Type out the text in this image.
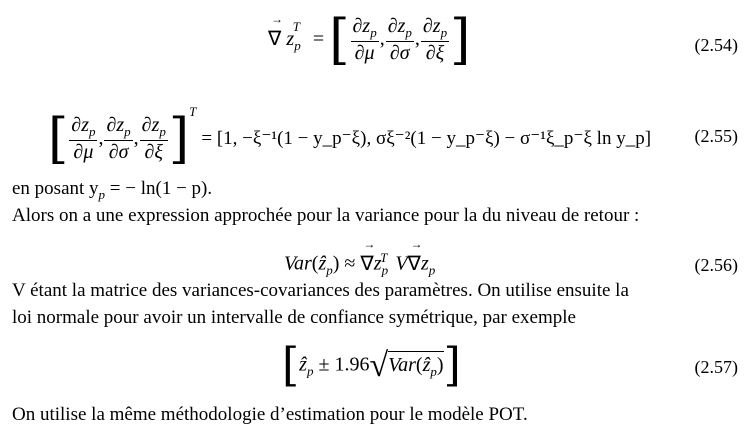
→ ∇ $z_p^T$ = [ $\frac{\partial z_p}{\partial\mu}$ , $\frac{\partial z_p}{\partial\sigma}$ , $\frac{\partial z_p}{\partial\xi}$ ]	(2.54)
[ $\frac{\partial z_p}{\partial\mu}$ , $\frac{\partial z_p}{\partial\sigma}$ , $\frac{\partial z_p}{\partial\xi} ]^T = [1$, −ξ⁻¹(1 − y_p⁻ξ), σξ⁻²(1 − y_p⁻ξ) − σ⁻¹ξ_p⁻ξ ln y_p] (2.55)
en posant $y_p$ = − ln(1 − p).
Alors on a une expression approchée pour la variance pour la du niveau de retour :
Var(ẑ$_p$) ≈ → $\nabla z_p^T$ $V\to \nabla z_p$	(2.56)
V étant la matrice des variances-covariances des paramètres. On utilise ensuite la
loi normale pour avoir un intervalle de confiance symétrique, par exemple
[ẑ$_p$ ± 1.96√Var(ẑ$_p$)]	(2.57)
On utilise la même méthodologie d’estimation pour le modèle POT.
